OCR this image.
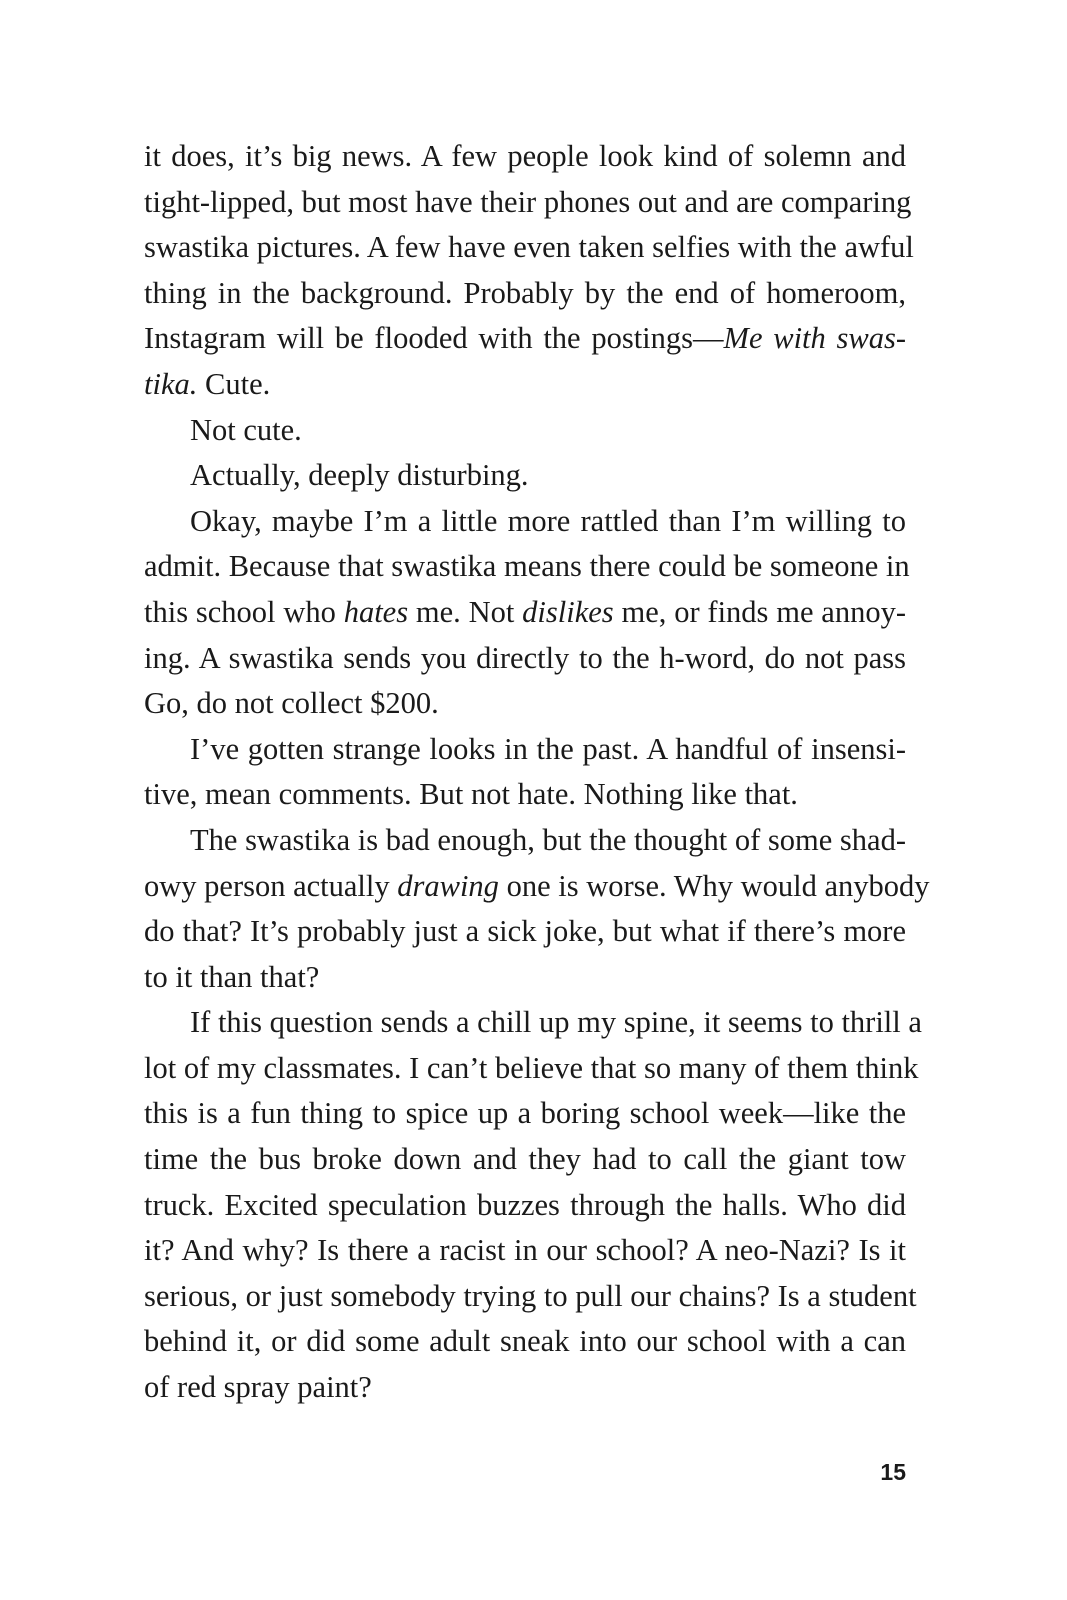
it does, it’s big news. A few people look kind of solemn and
tight-lipped, but most have their phones out and are comparing
swastika pictures. A few have even taken selfies with the awful
thing in the background. Probably by the end of homeroom,
Instagram will be flooded with the postings—Me with swas-
tika. Cute.
Not cute.
Actually, deeply disturbing.
Okay, maybe I’m a little more rattled than I’m willing to
admit. Because that swastika means there could be someone in
this school who hates me. Not dislikes me, or finds me annoy-
ing. A swastika sends you directly to the h-word, do not pass
Go, do not collect $200.
I’ve gotten strange looks in the past. A handful of insensi-
tive, mean comments. But not hate. Nothing like that.
The swastika is bad enough, but the thought of some shad-
owy person actually drawing one is worse. Why would anybody
do that? It’s probably just a sick joke, but what if there’s more
to it than that?
If this question sends a chill up my spine, it seems to thrill a
lot of my classmates. I can’t believe that so many of them think
this is a fun thing to spice up a boring school week—like the
time the bus broke down and they had to call the giant tow
truck. Excited speculation buzzes through the halls. Who did
it? And why? Is there a racist in our school? A neo-Nazi? Is it
serious, or just somebody trying to pull our chains? Is a student
behind it, or did some adult sneak into our school with a can
of red spray paint?
15
